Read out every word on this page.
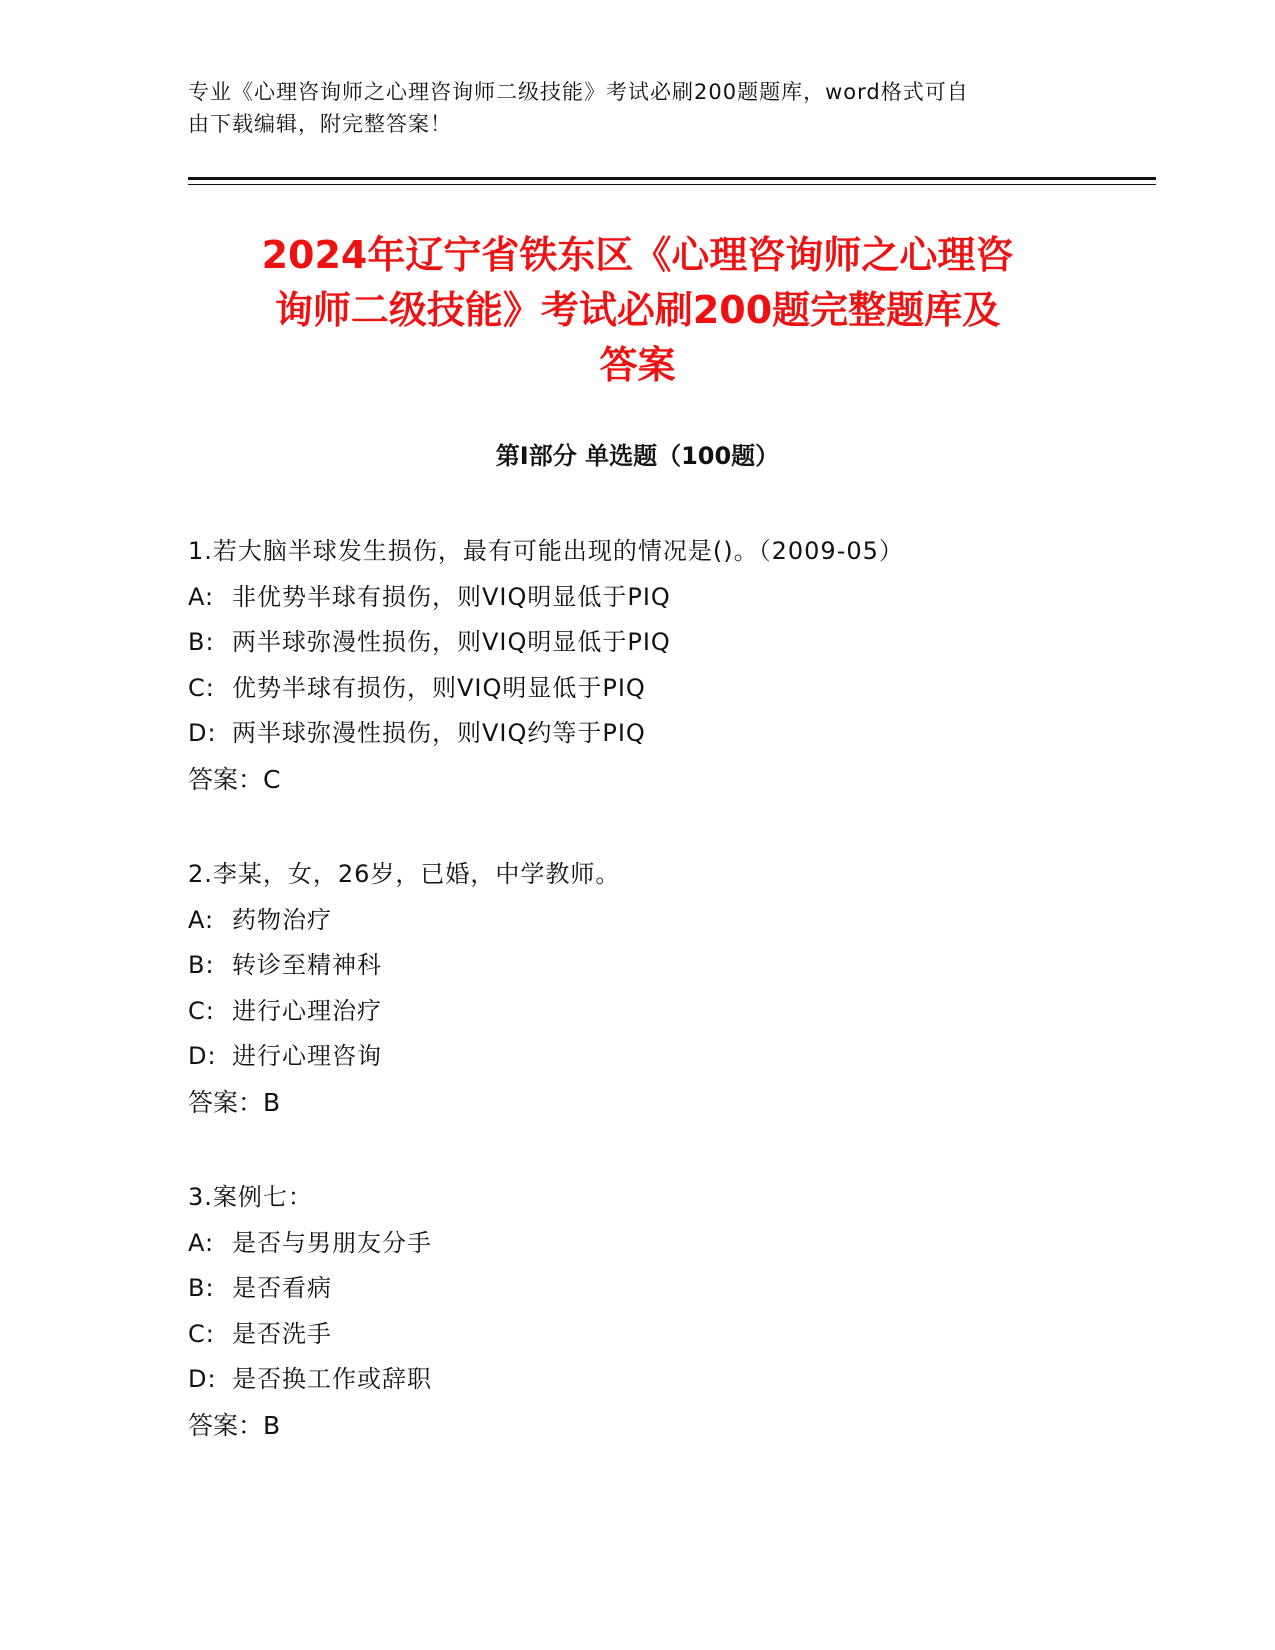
专业《心理咨询师之心理咨询师二级技能》考试必刷200题题库，word格式可自
由下载编辑，附完整答案！
2024年辽宁省铁东区《心理咨询师之心理咨
询师二级技能》考试必刷200题完整题库及
答案
第Ⅰ部分 单选题（100题）
1.若大脑半球发生损伤，最有可能出现的情况是()。（2009-05）
A: 非优势半球有损伤，则VIQ明显低于PIQ
B: 两半球弥漫性损伤，则VIQ明显低于PIQ
C: 优势半球有损伤，则VIQ明显低于PIQ
D: 两半球弥漫性损伤，则VIQ约等于PIQ
答案：C
2.李某，女，26岁，已婚，中学教师。
A: 药物治疗
B: 转诊至精神科
C: 进行心理治疗
D: 进行心理咨询
答案：B
3.案例七：
A: 是否与男朋友分手
B: 是否看病
C: 是否洗手
D: 是否换工作或辞职
答案：B
